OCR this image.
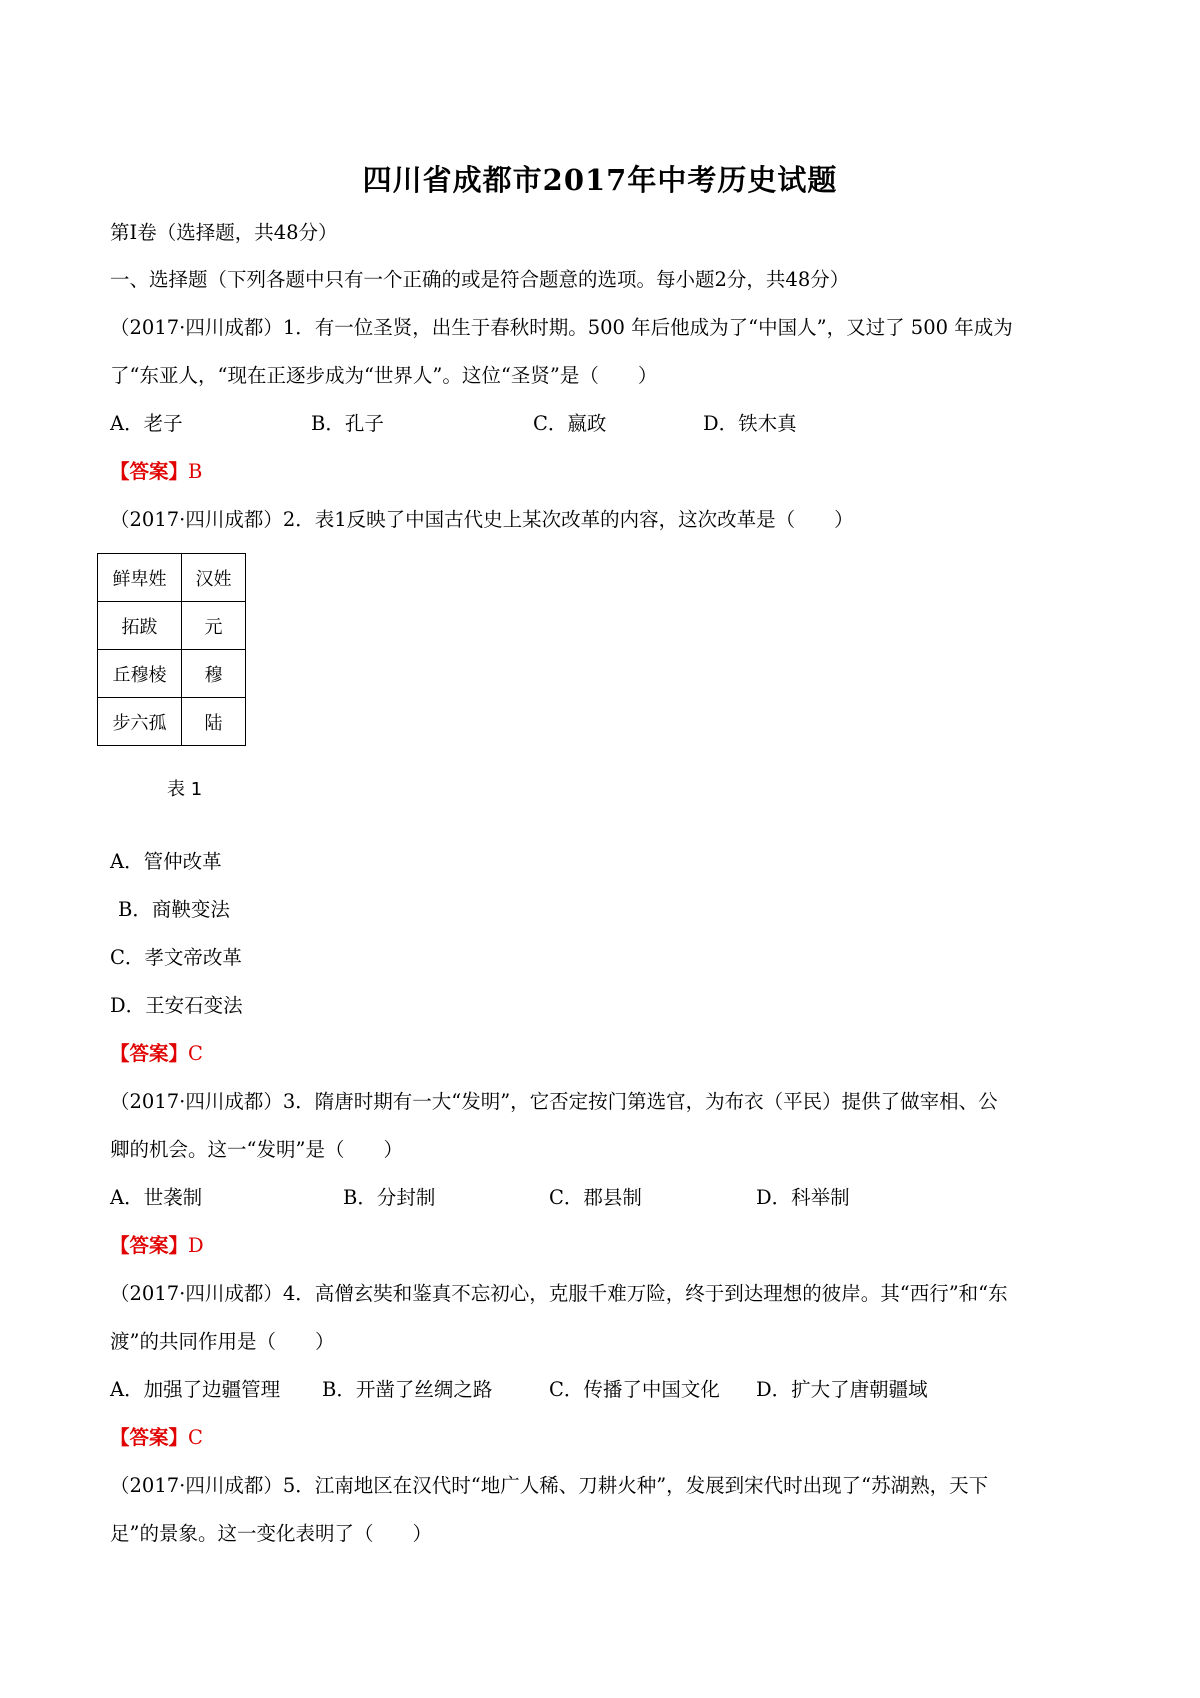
四川省成都市2017年中考历史试题
第I卷（选择题，共48分）
一、选择题（下列各题中只有一个正确的或是符合题意的选项。每小题2分，共48分）
（2017·四川成都）1．有一位圣贤，出生于春秋时期。500 年后他成为了“中国人”，又过了 500 年成为
了“东亚人，“现在正逐步成为“世界人”。这位“圣贤”是（　　）
A．老子	B．孔子	C．嬴政	D．铁木真
【答案】B
（2017·四川成都）2．表1反映了中国古代史上某次改革的内容，这次改革是（　　）
鲜卑姓	汉姓
拓跋	元
丘穆棱	穆
步六孤	陆
表 1
A．管仲改革
B．商鞅变法
C．孝文帝改革
D．王安石变法
【答案】C
（2017·四川成都）3．隋唐时期有一大“发明”，它否定按门第选官，为布衣（平民）提供了做宰相、公
卿的机会。这一“发明”是（　　）
A．世袭制	B．分封制	C．郡县制	D．科举制
【答案】D
（2017·四川成都）4．高僧玄奘和鉴真不忘初心，克服千难万险，终于到达理想的彼岸。其“西行”和“东
渡”的共同作用是（　　）
A．加强了边疆管理 B．开凿了丝绸之路	C．传播了中国文化 D．扩大了唐朝疆域
【答案】C
（2017·四川成都）5．江南地区在汉代时“地广人稀、刀耕火种”，发展到宋代时出现了“苏湖熟，天下
足”的景象。这一变化表明了（　　）
